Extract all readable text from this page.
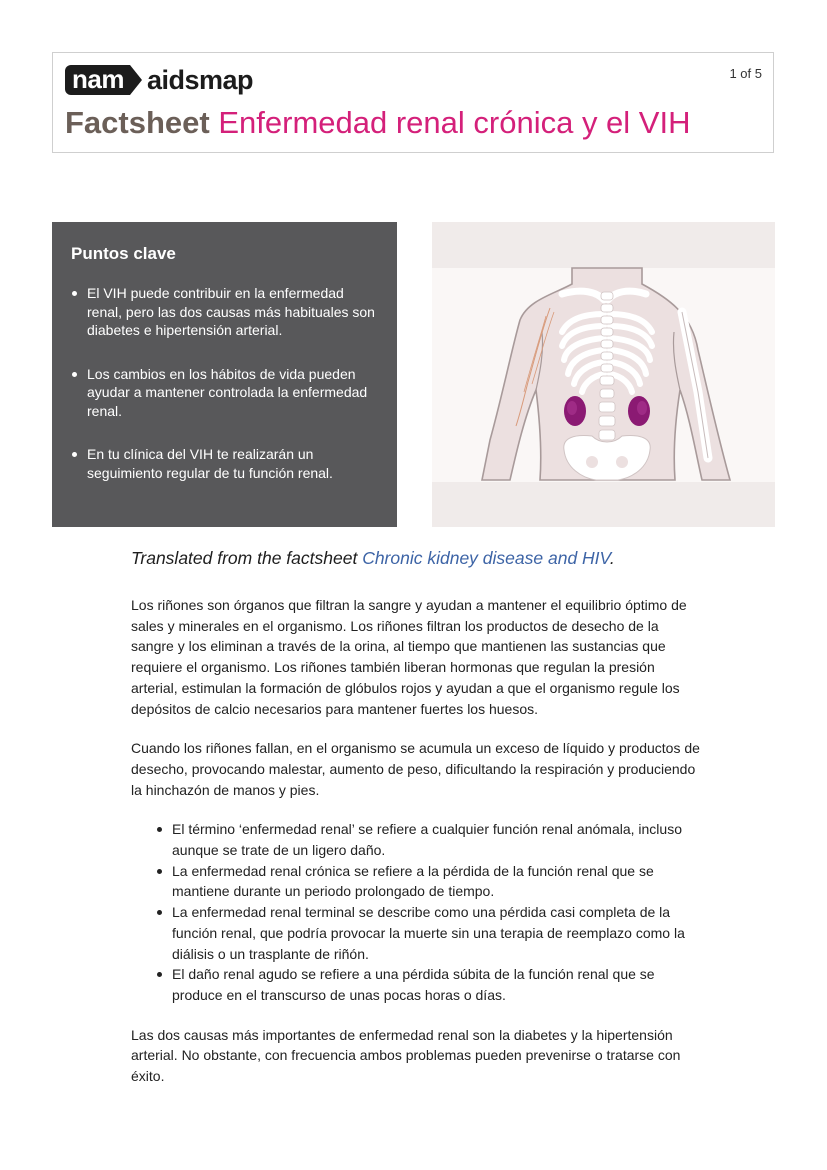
nam aidsmap	1 of 5
Factsheet Enfermedad renal crónica y el VIH
Puntos clave
El VIH puede contribuir en la enfermedad renal, pero las dos causas más habituales son diabetes e hipertensión arterial.
Los cambios en los hábitos de vida pueden ayudar a mantener controlada la enfermedad renal.
En tu clínica del VIH te realizarán un seguimiento regular de tu función renal.

Translated from the factsheet Chronic kidney disease and HIV.

Los riñones son órganos que filtran la sangre y ayudan a mantener el equilibrio óptimo de sales y minerales en el organismo. Los riñones filtran los productos de desecho de la sangre y los eliminan a través de la orina, al tiempo que mantienen las sustancias que requiere el organismo. Los riñones también liberan hormonas que regulan la presión arterial, estimulan la formación de glóbulos rojos y ayudan a que el organismo regule los depósitos de calcio necesarios para mantener fuertes los huesos.

Cuando los riñones fallan, en el organismo se acumula un exceso de líquido y productos de desecho, provocando malestar, aumento de peso, dificultando la respiración y produciendo la hinchazón de manos y pies.

El término ‘enfermedad renal’ se refiere a cualquier función renal anómala, incluso aunque se trate de un ligero daño.
La enfermedad renal crónica se refiere a la pérdida de la función renal que se mantiene durante un periodo prolongado de tiempo.
La enfermedad renal terminal se describe como una pérdida casi completa de la función renal, que podría provocar la muerte sin una terapia de reemplazo como la diálisis o un trasplante de riñón.
El daño renal agudo se refiere a una pérdida súbita de la función renal que se produce en el transcurso de unas pocas horas o días.

Las dos causas más importantes de enfermedad renal son la diabetes y la hipertensión arterial. No obstante, con frecuencia ambos problemas pueden prevenirse o tratarse con éxito.
